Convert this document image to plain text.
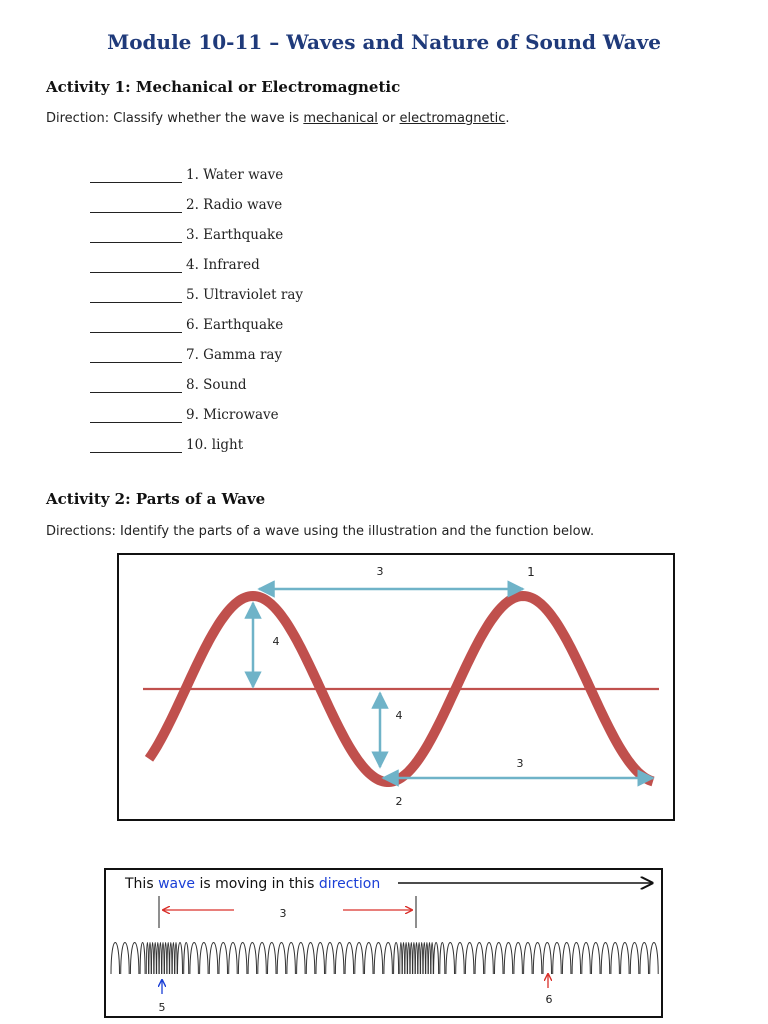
Module 10-11 – Waves and Nature of Sound Wave
Activity 1: Mechanical or Electromagnetic
Direction: Classify whether the wave is mechanical or electromagnetic.
1. Water wave
2. Radio wave
3. Earthquake
4. Infrared
5. Ultraviolet ray
6. Earthquake
7. Gamma ray
8. Sound
9. Microwave
10. light
Activity 2: Parts of a Wave
Directions: Identify the parts of a wave using the illustration and the function below.
3	1
4
4
3
2
This wave is moving in this direction
3
5
6
